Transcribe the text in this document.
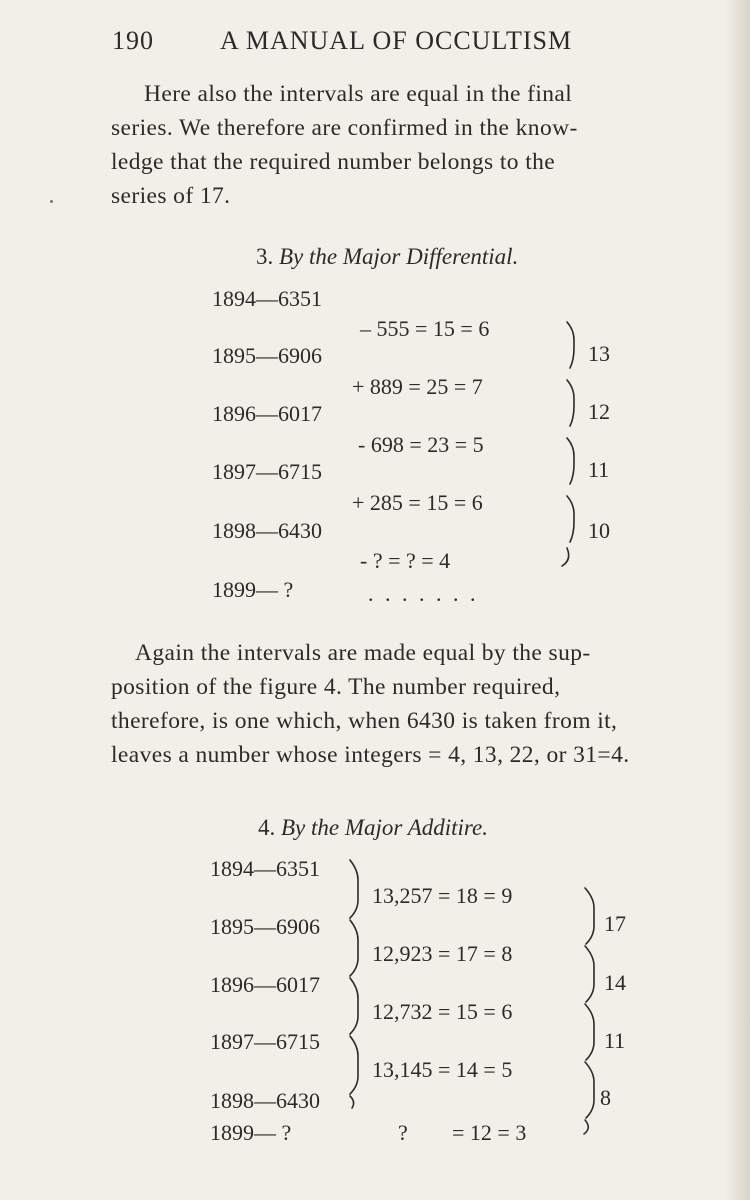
190	A MANUAL OF OCCULTISM
Here also the intervals are equal in the final
series. We therefore are confirmed in the know-
ledge that the required number belongs to the
series of 17.
3. By the Major Differential.
1894—6351
1895—6906
1896—6017
1897—6715
1898—6430
1899— ?	. . . . . . .
– 555 = 15 = 6
+ 889 = 25 = 7
- 698 = 23 = 5
+ 285 = 15 = 6
- ? = ? = 4
13
12
11
10
Again the intervals are made equal by the sup-
position of the figure 4. The number required,
therefore, is one which, when 6430 is taken from it,
leaves a number whose integers = 4, 13, 22, or 31=4.
4. By the Major Additire.
1894—6351
1895—6906
1896—6017
1897—6715
1898—6430
1899— ?
13,257 = 18 = 9
12,923 = 17 = 8
12,732 = 15 = 6
13,145 = 14 = 5
? = 12 = 3
17
14
11
8
